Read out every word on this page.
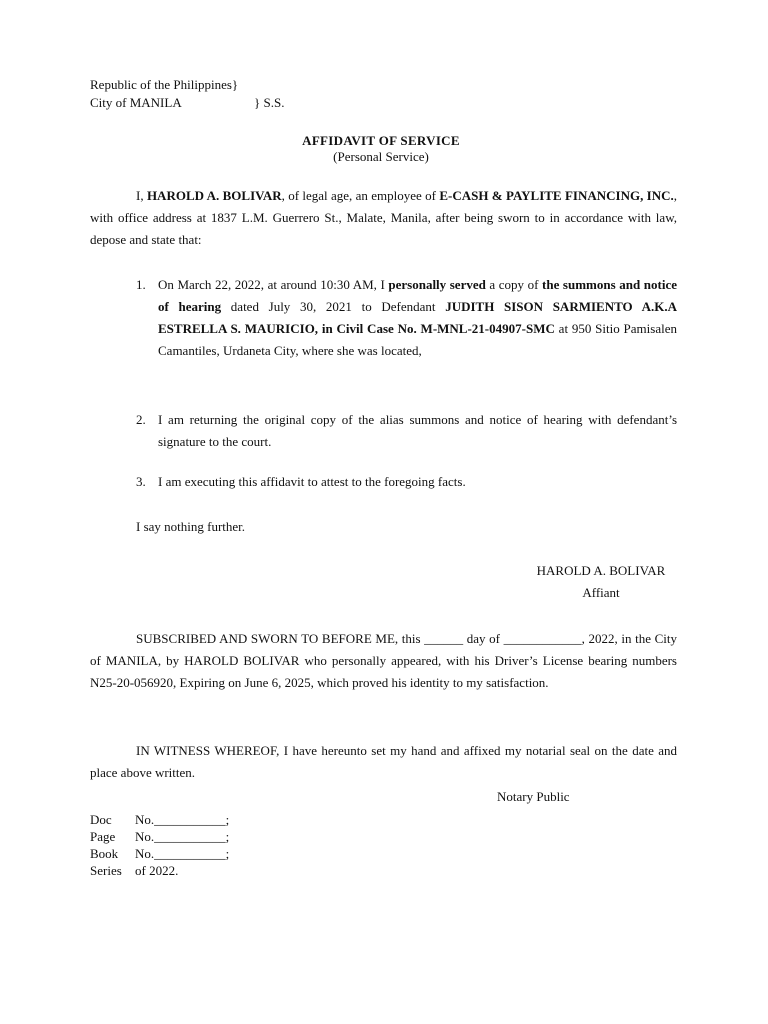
Republic of the Philippines}
City of MANILA	} S.S.
AFFIDAVIT OF SERVICE
(Personal Service)
I, HAROLD A. BOLIVAR, of legal age, an employee of E-CASH & PAYLITE FINANCING, INC., with office address at 1837 L.M. Guerrero St., Malate, Manila, after being sworn to in accordance with law, depose and state that:
1. On March 22, 2022, at around 10:30 AM, I personally served a copy of the summons and notice of hearing dated July 30, 2021 to Defendant JUDITH SISON SARMIENTO A.K.A ESTRELLA S. MAURICIO, in Civil Case No. M-MNL-21-04907-SMC at 950 Sitio Pamisalen Camantiles, Urdaneta City, where she was located,
2. I am returning the original copy of the alias summons and notice of hearing with defendant’s signature to the court.
3. I am executing this affidavit to attest to the foregoing facts.
I say nothing further.
HAROLD A. BOLIVAR
Affiant
SUBSCRIBED AND SWORN TO BEFORE ME, this ______ day of ____________, 2022, in the City of MANILA, by HAROLD BOLIVAR who personally appeared, with his Driver’s License bearing numbers N25-20-056920, Expiring on June 6, 2025, which proved his identity to my satisfaction.
IN WITNESS WHEREOF, I have hereunto set my hand and affixed my notarial seal on the date and place above written.
Notary Public
Doc	No.___________;
Page	No.___________;
Book	No.___________;
Series	of 2022.
